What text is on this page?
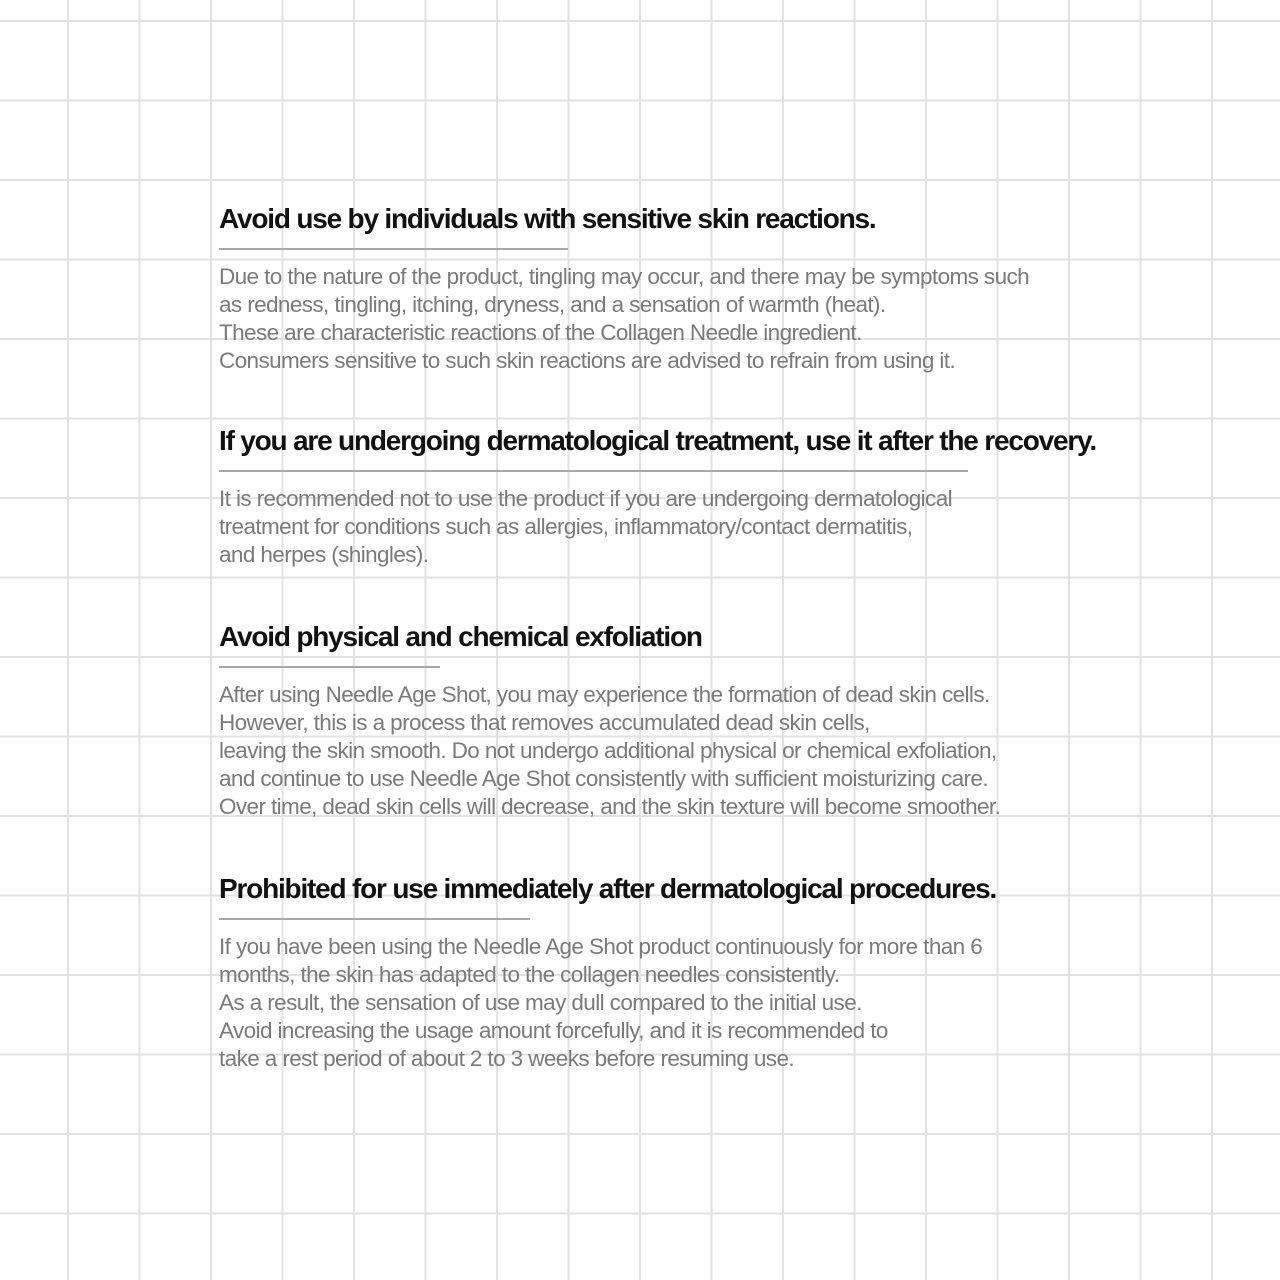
Avoid use by individuals with sensitive skin reactions.
Due to the nature of the product, tingling may occur, and there may be symptoms such
as redness, tingling, itching, dryness, and a sensation of warmth (heat).
These are characteristic reactions of the Collagen Needle ingredient.
Consumers sensitive to such skin reactions are advised to refrain from using it.
If you are undergoing dermatological treatment, use it after the recovery.
It is recommended not to use the product if you are undergoing dermatological
treatment for conditions such as allergies, inflammatory/contact dermatitis,
and herpes (shingles).
Avoid physical and chemical exfoliation
After using Needle Age Shot, you may experience the formation of dead skin cells.
However, this is a process that removes accumulated dead skin cells,
leaving the skin smooth. Do not undergo additional physical or chemical exfoliation,
and continue to use Needle Age Shot consistently with sufficient moisturizing care.
Over time, dead skin cells will decrease, and the skin texture will become smoother.
Prohibited for use immediately after dermatological procedures.
If you have been using the Needle Age Shot product continuously for more than 6
months, the skin has adapted to the collagen needles consistently.
As a result, the sensation of use may dull compared to the initial use.
Avoid increasing the usage amount forcefully, and it is recommended to
take a rest period of about 2 to 3 weeks before resuming use.
